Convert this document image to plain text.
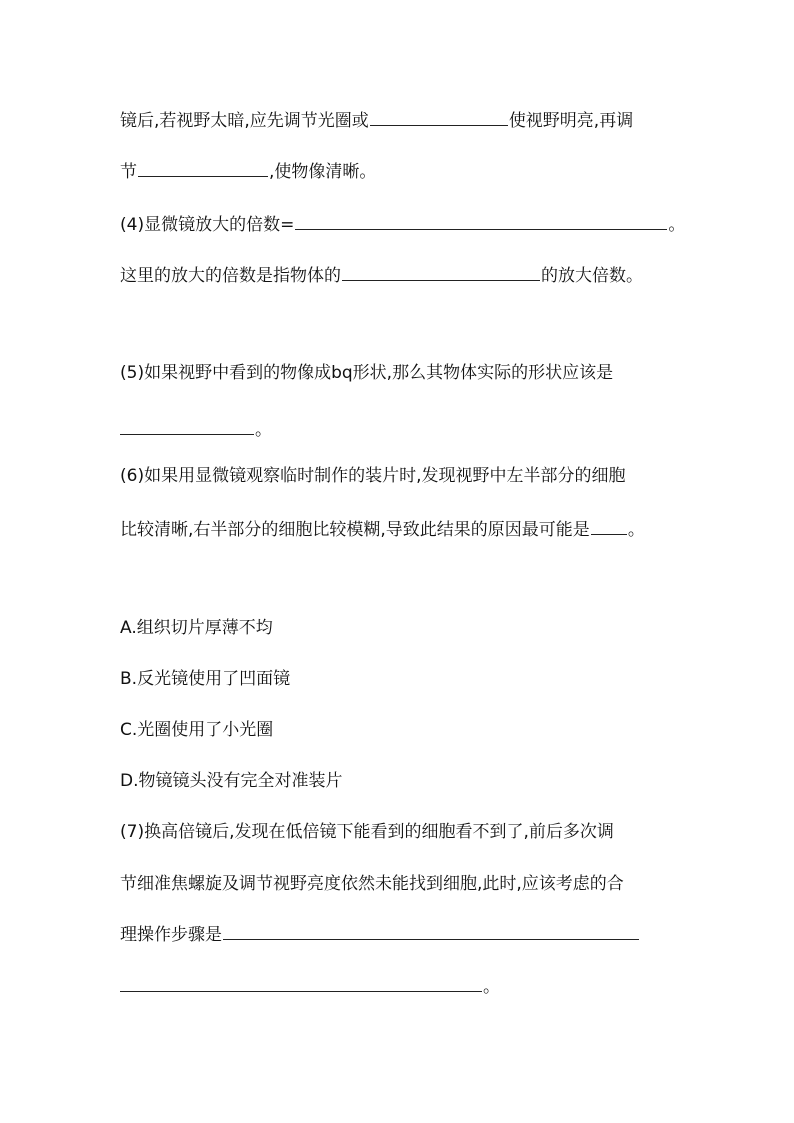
镜后,若视野太暗,应先调节光圈或	使视野明亮,再调
节	,使物像清晰。
(4)显微镜放大的倍数=	。
这里的放大的倍数是指物体的	的放大倍数。
(5)如果视野中看到的物像成bq形状,那么其物体实际的形状应该是
。
(6)如果用显微镜观察临时制作的装片时,发现视野中左半部分的细胞
比较清晰,右半部分的细胞比较模糊,导致此结果的原因最可能是 。
A.组织切片厚薄不均
B.反光镜使用了凹面镜
C.光圈使用了小光圈
D.物镜镜头没有完全对准装片
(7)换高倍镜后,发现在低倍镜下能看到的细胞看不到了,前后多次调
节细准焦螺旋及调节视野亮度依然未能找到细胞,此时,应该考虑的合
理操作步骤是
。
